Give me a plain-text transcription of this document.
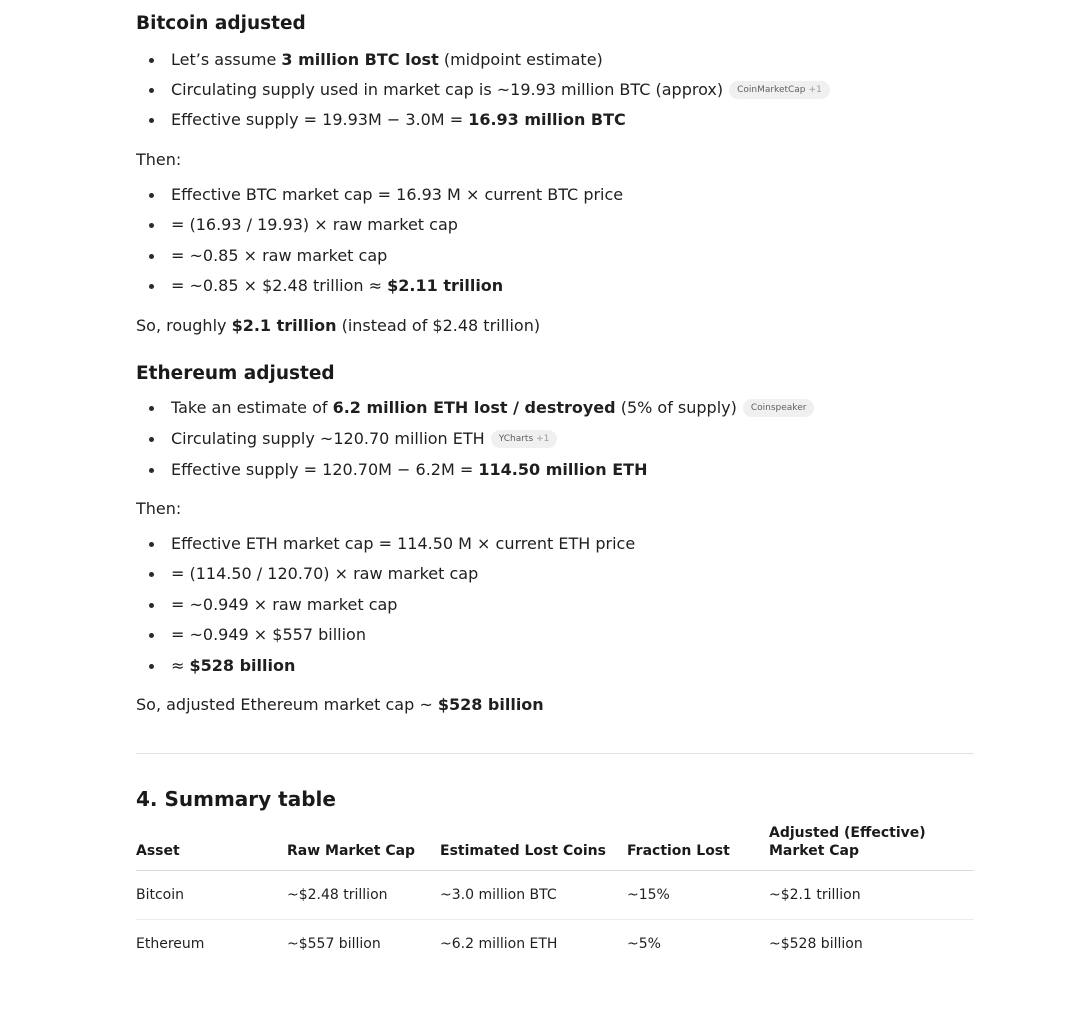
Bitcoin adjusted
Let’s assume 3 million BTC lost (midpoint estimate)
Circulating supply used in market cap is ~19.93 million BTC (approx) CoinMarketCap +1
Effective supply = 19.93M − 3.0M = 16.93 million BTC
Then:
Effective BTC market cap = 16.93 M × current BTC price
= (16.93 / 19.93) × raw market cap
= ~0.85 × raw market cap
= ~0.85 × $2.48 trillion ≈ $2.11 trillion
So, roughly $2.1 trillion (instead of $2.48 trillion)
Ethereum adjusted
Take an estimate of 6.2 million ETH lost / destroyed (5% of supply) Coinspeaker
Circulating supply ~120.70 million ETH YCharts +1
Effective supply = 120.70M − 6.2M = 114.50 million ETH
Then:
Effective ETH market cap = 114.50 M × current ETH price
= (114.50 / 120.70) × raw market cap
= ~0.949 × raw market cap
= ~0.949 × $557 billion
≈ $528 billion
So, adjusted Ethereum market cap ~ $528 billion
4. Summary table
Asset	Raw Market Cap	Estimated Lost Coins	Fraction Lost	Adjusted (Effective) Market Cap
Bitcoin	~$2.48 trillion	~3.0 million BTC	~15%	~$2.1 trillion
Ethereum	~$557 billion	~6.2 million ETH	~5%	~$528 billion
